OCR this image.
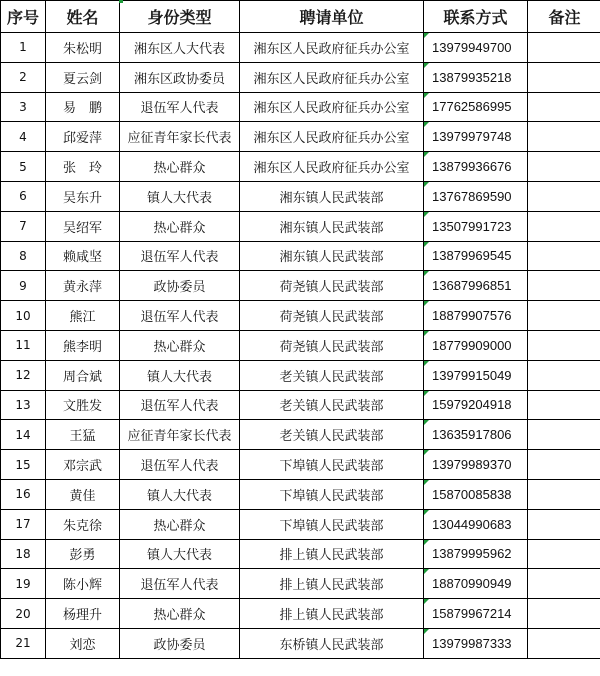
序号	姓名	身份类型	聘请单位	联系方式	备注
1	朱松明	湘东区人大代表	湘东区人民政府征兵办公室	13979949700	
2	夏云剑	湘东区政协委员	湘东区人民政府征兵办公室	13879935218	
3	易　鹏	退伍军人代表	湘东区人民政府征兵办公室	17762586995	
4	邱爱萍	应征青年家长代表	湘东区人民政府征兵办公室	13979979748	
5	张　玲	热心群众	湘东区人民政府征兵办公室	13879936676	
6	吴东升	镇人大代表	湘东镇人民武装部	13767869590	
7	吴绍军	热心群众	湘东镇人民武装部	13507991723	
8	赖咸坚	退伍军人代表	湘东镇人民武装部	13879969545	
9	黄永萍	政协委员	荷尧镇人民武装部	13687996851	
10	熊江	退伍军人代表	荷尧镇人民武装部	18879907576	
11	熊李明	热心群众	荷尧镇人民武装部	18779909000	
12	周合斌	镇人大代表	老关镇人民武装部	13979915049	
13	文胜发	退伍军人代表	老关镇人民武装部	15979204918	
14	王猛	应征青年家长代表	老关镇人民武装部	13635917806	
15	邓宗武	退伍军人代表	下埠镇人民武装部	13979989370	
16	黄佳	镇人大代表	下埠镇人民武装部	15870085838	
17	朱克徐	热心群众	下埠镇人民武装部	13044990683	
18	彭勇	镇人大代表	排上镇人民武装部	13879995962	
19	陈小辉	退伍军人代表	排上镇人民武装部	18870990949	
20	杨理升	热心群众	排上镇人民武装部	15879967214	
21	刘恋	政协委员	东桥镇人民武装部	13979987333	
